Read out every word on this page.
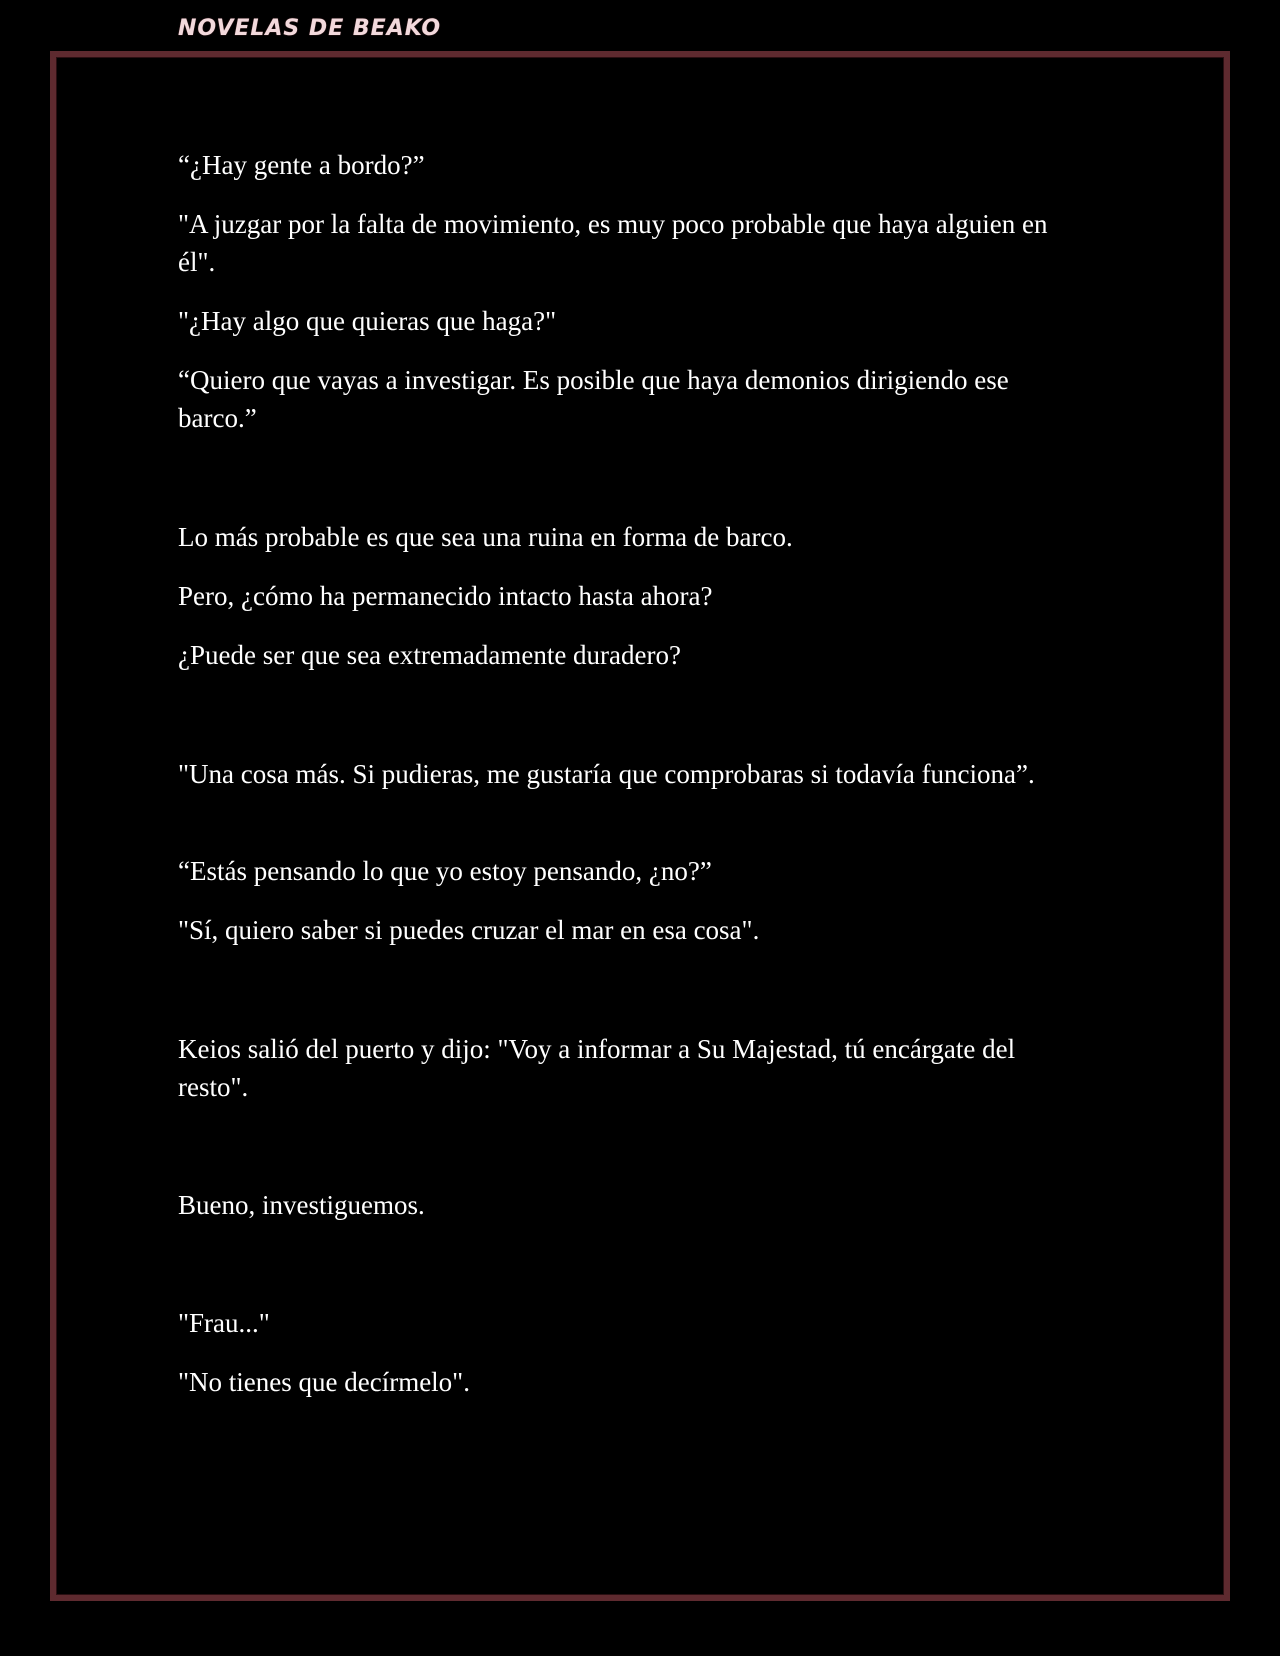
NOVELAS DE BEAKO

“¿Hay gente a bordo?”

"A juzgar por la falta de movimiento, es muy poco probable que haya alguien en él".

"¿Hay algo que quieras que haga?"

“Quiero que vayas a investigar. Es posible que haya demonios dirigiendo ese barco.”

Lo más probable es que sea una ruina en forma de barco.

Pero, ¿cómo ha permanecido intacto hasta ahora?

¿Puede ser que sea extremadamente duradero?

"Una cosa más. Si pudieras, me gustaría que comprobaras si todavía funciona”.

“Estás pensando lo que yo estoy pensando, ¿no?”

"Sí, quiero saber si puedes cruzar el mar en esa cosa".

Keios salió del puerto y dijo: "Voy a informar a Su Majestad, tú encárgate del resto".

Bueno, investiguemos.

"Frau..."

"No tienes que decírmelo".
